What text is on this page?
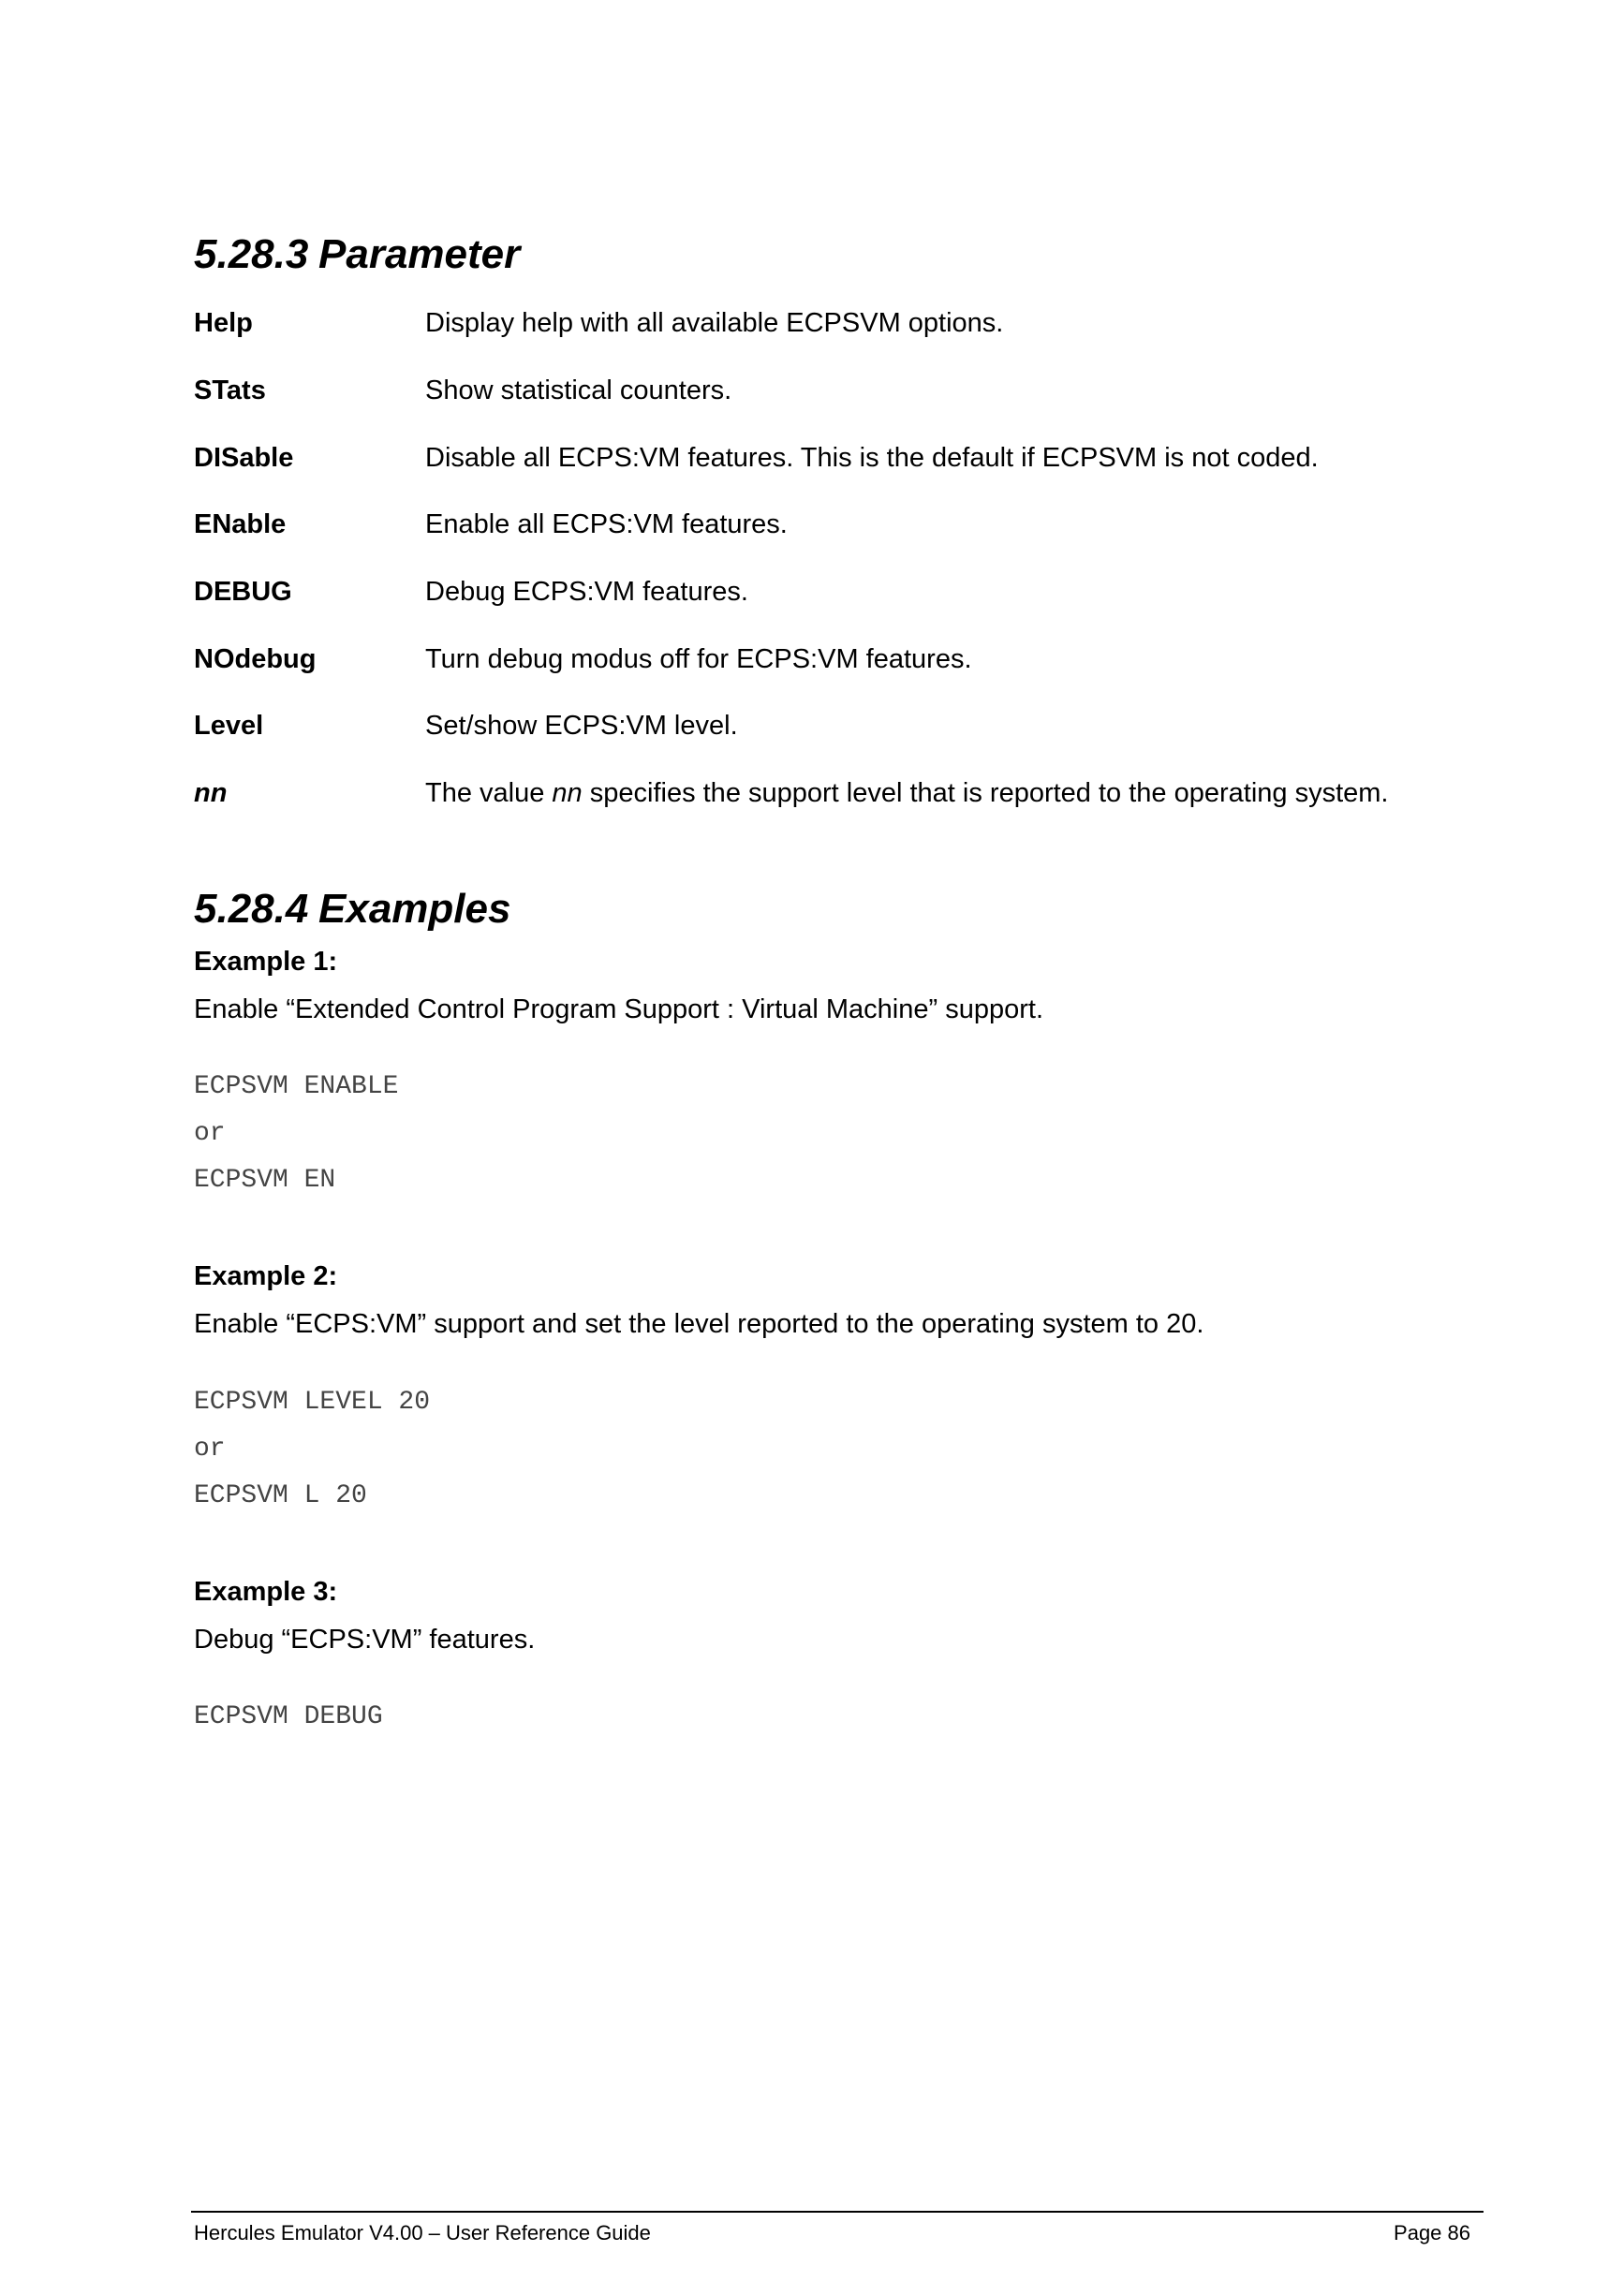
5.28.3 Parameter
Help	Display help with all available ECPSVM options.
STats	Show statistical counters.
DISable	Disable all ECPS:VM features. This is the default if ECPSVM is not coded.
ENable	Enable all ECPS:VM features.
DEBUG	Debug ECPS:VM features.
NOdebug	Turn debug modus off for ECPS:VM features.
Level	Set/show ECPS:VM level.
nn	The value nn specifies the support level that is reported to the operating system.
5.28.4 Examples
Example 1:
Enable “Extended Control Program Support : Virtual Machine” support.
ECPSVM ENABLE
or
ECPSVM EN
Example 2:
Enable “ECPS:VM” support and set the level reported to the operating system to 20.
ECPSVM LEVEL 20
or
ECPSVM L 20
Example 3:
Debug “ECPS:VM” features.
ECPSVM DEBUG
Hercules Emulator V4.00 – User Reference Guide	Page 86
